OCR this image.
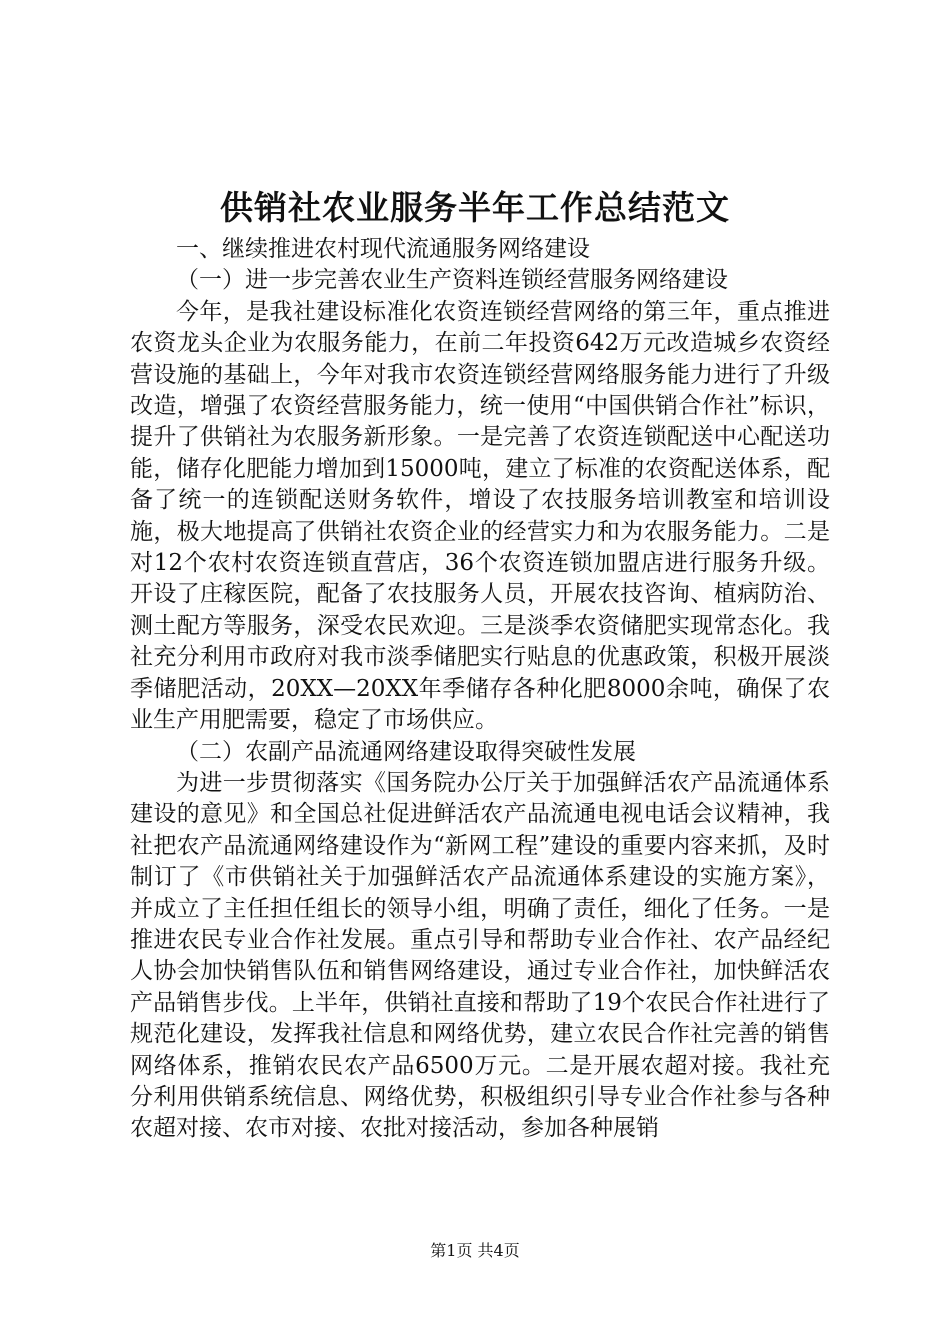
供销社农业服务半年工作总结范文

一、继续推进农村现代流通服务网络建设

（一）进一步完善农业生产资料连锁经营服务网络建设

今年，是我社建设标准化农资连锁经营网络的第三年，重点推进农资龙头企业为农服务能力，在前二年投资642万元改造城乡农资经营设施的基础上，今年对我市农资连锁经营网络服务能力进行了升级改造，增强了农资经营服务能力，统一使用“中国供销合作社”标识，提升了供销社为农服务新形象。一是完善了农资连锁配送中心配送功能，储存化肥能力增加到15000吨，建立了标准的农资配送体系，配备了统一的连锁配送财务软件，增设了农技服务培训教室和培训设施，极大地提高了供销社农资企业的经营实力和为农服务能力。二是对12个农村农资连锁直营店，36个农资连锁加盟店进行服务升级。开设了庄稼医院，配备了农技服务人员，开展农技咨询、植病防治、测土配方等服务，深受农民欢迎。三是淡季农资储肥实现常态化。我社充分利用市政府对我市淡季储肥实行贴息的优惠政策，积极开展淡季储肥活动，20XX—20XX年季储存各种化肥8000余吨，确保了农业生产用肥需要，稳定了市场供应。

（二）农副产品流通网络建设取得突破性发展

为进一步贯彻落实《国务院办公厅关于加强鲜活农产品流通体系建设的意见》和全国总社促进鲜活农产品流通电视电话会议精神，我社把农产品流通网络建设作为“新网工程”建设的重要内容来抓，及时制订了《市供销社关于加强鲜活农产品流通体系建设的实施方案》，并成立了主任担任组长的领导小组，明确了责任，细化了任务。一是推进农民专业合作社发展。重点引导和帮助专业合作社、农产品经纪人协会加快销售队伍和销售网络建设，通过专业合作社，加快鲜活农产品销售步伐。上半年，供销社直接和帮助了19个农民合作社进行了规范化建设，发挥我社信息和网络优势，建立农民合作社完善的销售网络体系，推销农民农产品6500万元。二是开展农超对接。我社充分利用供销系统信息、网络优势，积极组织引导专业合作社参与各种农超对接、农市对接、农批对接活动，参加各种展销

第1页 共4页
